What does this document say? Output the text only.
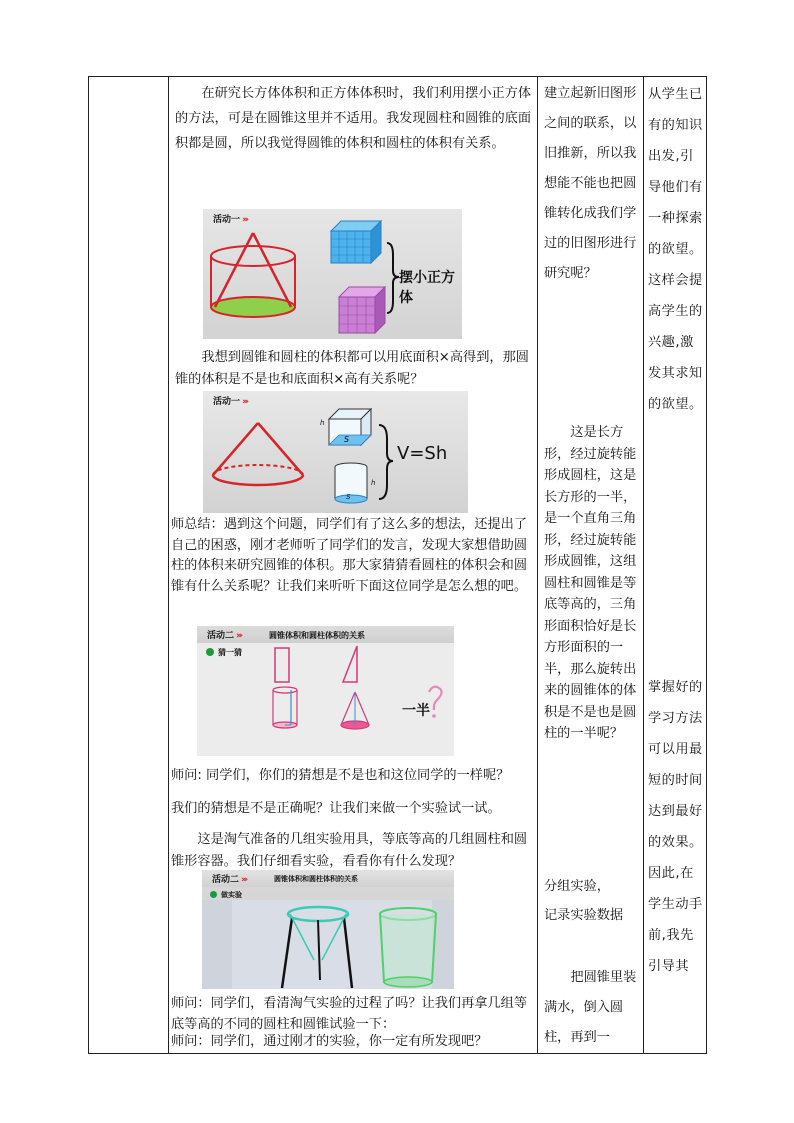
在研究长方体体积和正方体体积时，我们利用摆小正方体的方法，可是在圆锥这里并不适用。我发现圆柱和圆锥的底面积都是圆，所以我觉得圆锥的体积和圆柱的体积有关系。

活动一 ›››
摆小正方体

我想到圆锥和圆柱的体积都可以用底面积×高得到，那圆锥的体积是不是也和底面积×高有关系呢？

活动一 ›››
h
S
h
S
V=Sh

师总结：遇到这个问题，同学们有了这么多的想法，还提出了自己的困惑，刚才老师听了同学们的发言，发现大家想借助圆柱的体积来研究圆锥的体积。那大家猜猜看圆柱的体积会和圆锥有什么关系呢？让我们来听听下面这位同学是怎么想的吧。

活动二 ›››	圆锥体积和圆柱体积的关系
猜一猜
一半

师问: 同学们，你们的猜想是不是也和这位同学的一样呢？

我们的猜想是不是正确呢？让我们来做一个实验试一试。

这是淘气准备的几组实验用具，等底等高的几组圆柱和圆锥形容器。我们仔细看实验，看看你有什么发现？

活动二 ›››	圆锥体积和圆柱体积的关系
做实验

师问：同学们，看清淘气实验的过程了吗？让我们再拿几组等底等高的不同的圆柱和圆锥试验一下：

师问：同学们，通过刚才的实验，你一定有所发现吧？

建立起新旧图形之间的联系，以旧推新，所以我想能不能也把圆锥转化成我们学过的旧图形进行研究呢？
这是长方形，经过旋转能形成圆柱，这是长方形的一半，是一个直角三角形，经过旋转能形成圆锥，这组圆柱和圆锥是等底等高的，三角形面积恰好是长方形面积的一半，那么旋转出来的圆锥体的体积是不是也是圆柱的一半呢？
分组实验，
记录实验数据
把圆锥里装满水，倒入圆柱，再到一
从学生已有的知识出发,引导他们有一种探索的欲望。这样会提高学生的兴趣,激发其求知的欲望。
掌握好的学习方法可以用最短的时间达到最好的效果。因此,在学生动手前,我先引导其
